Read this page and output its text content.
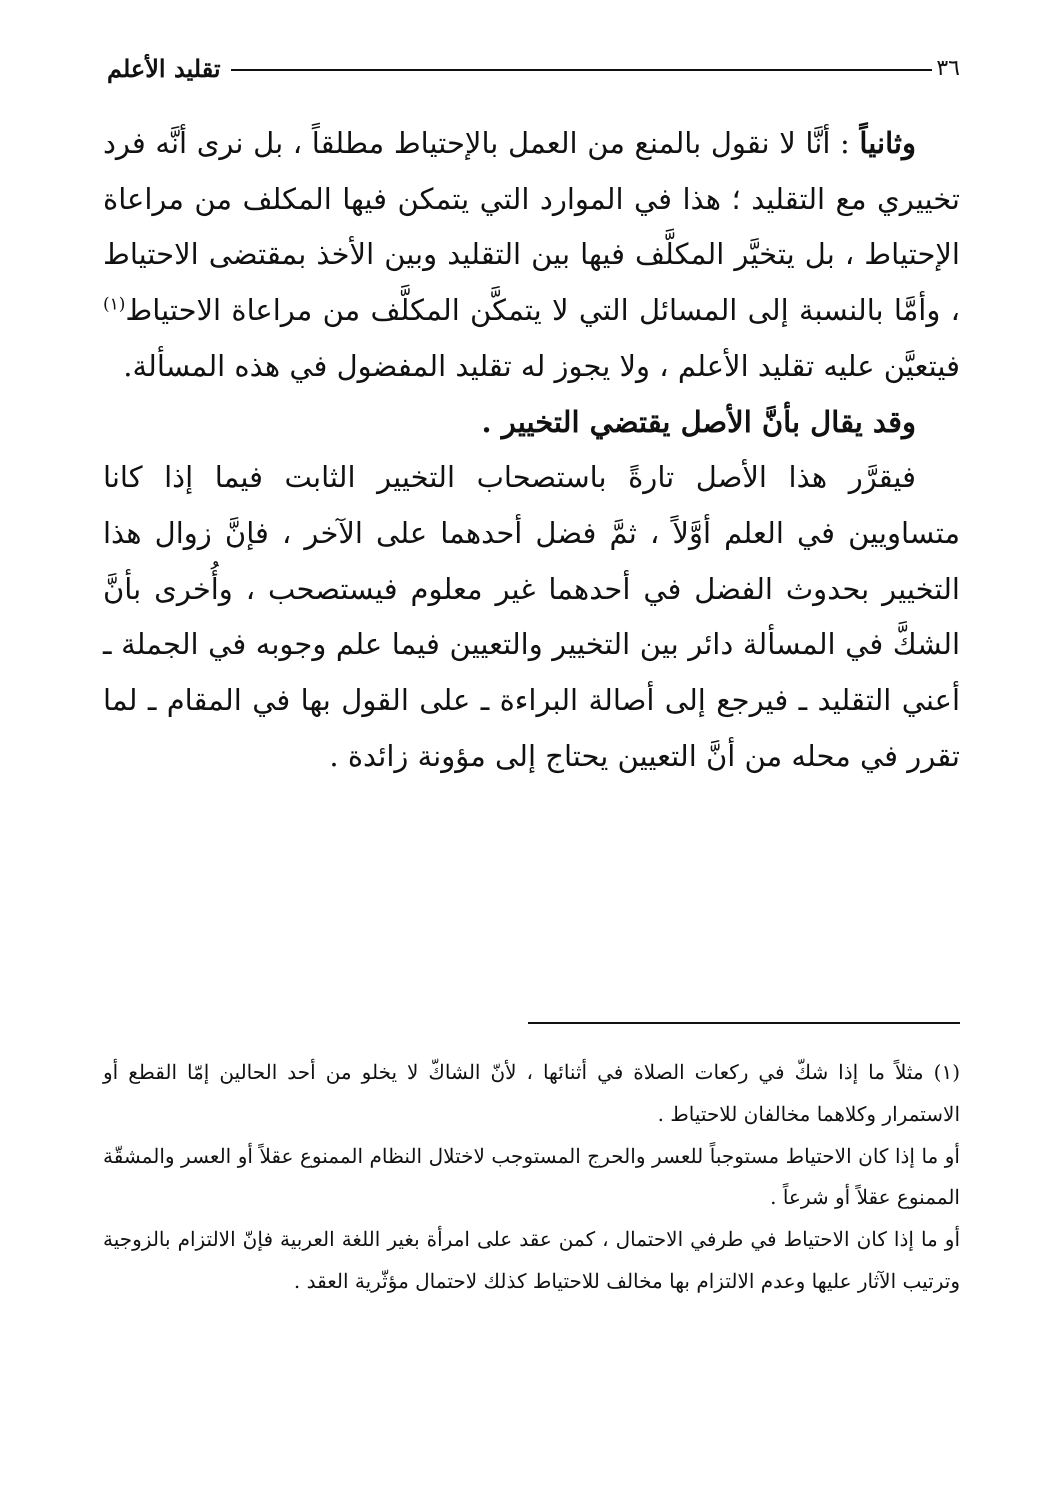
تقليد الأعلم	٣٦

وثانياً : أنَّا لا نقول بالمنع من العمل بالإحتياط مطلقاً ، بل نرى أنَّه فرد تخييري مع التقليد ؛ هذا في الموارد التي يتمكن فيها المكلف من مراعاة الإحتياط ، بل يتخيَّر المكلَّف فيها بين التقليد وبين الأخذ بمقتضى الاحتياط ، وأمَّا بالنسبة إلى المسائل التي لا يتمكَّن المكلَّف من مراعاة الاحتياط$^{(١)}$ فيتعيَّن عليه تقليد الأعلم ، ولا يجوز له تقليد المفضول في هذه المسألة.

وقد يقال بأنَّ الأصل يقتضي التخيير .

فيقرَّر هذا الأصل تارةً باستصحاب التخيير الثابت فيما إذا كانا متساويين في العلم أوَّلاً ، ثمَّ فضل أحدهما على الآخر ، فإنَّ زوال هذا التخيير بحدوث الفضل في أحدهما غير معلوم فيستصحب ، وأُخرى بأنَّ الشكَّ في المسألة دائر بين التخيير والتعيين فيما علم وجوبه في الجملة ـ أعني التقليد ـ فيرجع إلى أصالة البراءة ـ على القول بها في المقام ـ لما تقرر في محله من أنَّ التعيين يحتاج إلى مؤونة زائدة .

(١) مثلاً ما إذا شكّ في ركعات الصلاة في أثنائها ، لأنّ الشاكّ لا يخلو من أحد الحالين إمّا القطع أو الاستمرار وكلاهما مخالفان للاحتياط .

أو ما إذا كان الاحتياط مستوجباً للعسر والحرج المستوجب لاختلال النظام الممنوع عقلاً أو العسر والمشقّة الممنوع عقلاً أو شرعاً .

أو ما إذا كان الاحتياط في طرفي الاحتمال ، كمن عقد على امرأة بغير اللغة العربية فإنّ الالتزام بالزوجية وترتيب الآثار عليها وعدم الالتزام بها مخالف للاحتياط كذلك لاحتمال مؤثّرية العقد .
